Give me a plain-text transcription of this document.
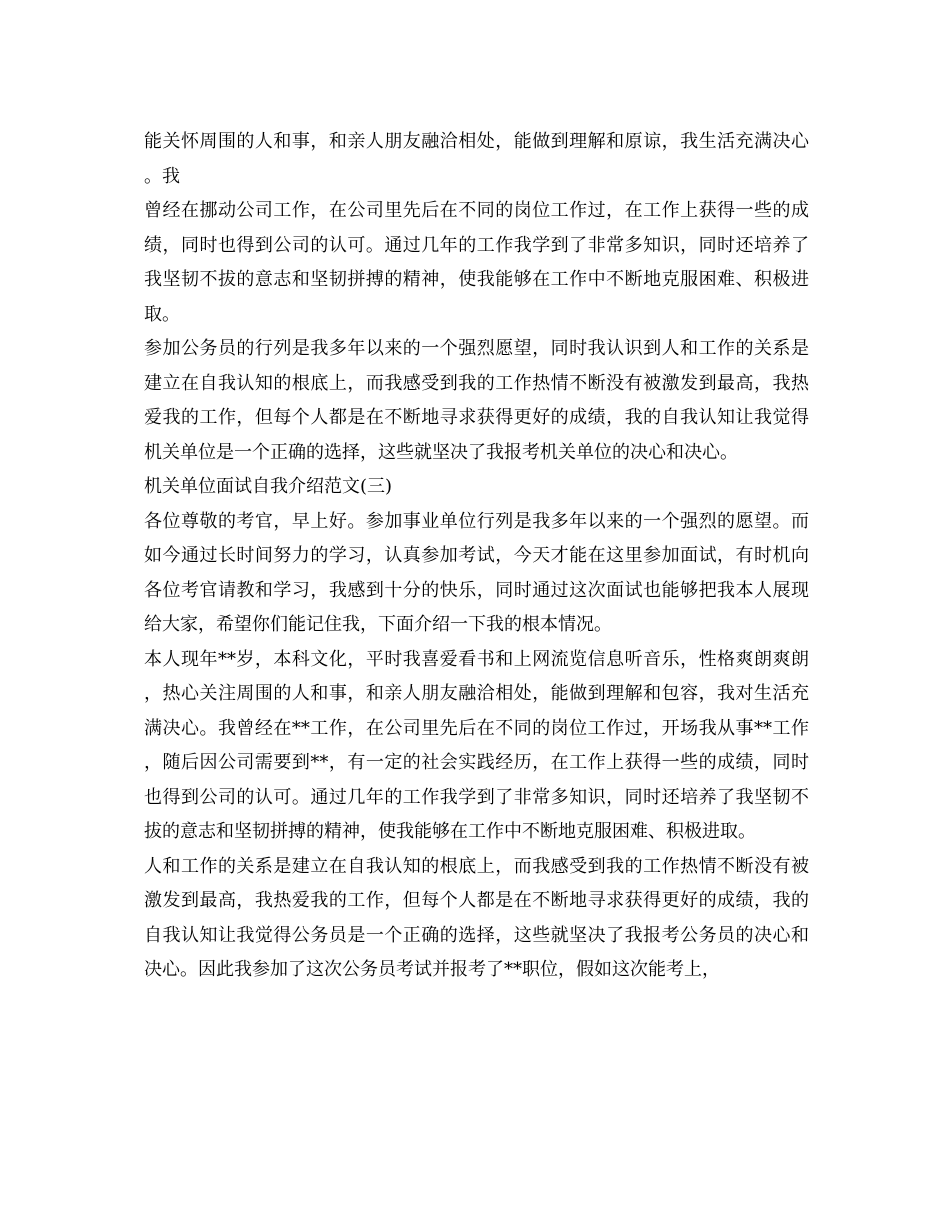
能关怀周围的人和事，和亲人朋友融洽相处，能做到理解和原谅，我生活充满决心。我

曾经在挪动公司工作，在公司里先后在不同的岗位工作过，在工作上获得一些的成绩，同时也得到公司的认可。通过几年的工作我学到了非常多知识，同时还培养了我坚韧不拔的意志和坚韧拼搏的精神，使我能够在工作中不断地克服困难、积极进取。

参加公务员的行列是我多年以来的一个强烈愿望，同时我认识到人和工作的关系是建立在自我认知的根底上，而我感受到我的工作热情不断没有被激发到最高，我热爱我的工作，但每个人都是在不断地寻求获得更好的成绩，我的自我认知让我觉得机关单位是一个正确的选择，这些就坚决了我报考机关单位的决心和决心。

机关单位面试自我介绍范文(三)

各位尊敬的考官，早上好。参加事业单位行列是我多年以来的一个强烈的愿望。而如今通过长时间努力的学习，认真参加考试，今天才能在这里参加面试，有时机向各位考官请教和学习，我感到十分的快乐，同时通过这次面试也能够把我本人展现给大家，希望你们能记住我，下面介绍一下我的根本情况。

本人现年**岁，本科文化，平时我喜爱看书和上网流览信息听音乐，性格爽朗爽朗，热心关注周围的人和事，和亲人朋友融洽相处，能做到理解和包容，我对生活充满决心。我曾经在**工作，在公司里先后在不同的岗位工作过，开场我从事**工作，随后因公司需要到**，有一定的社会实践经历，在工作上获得一些的成绩，同时也得到公司的认可。通过几年的工作我学到了非常多知识，同时还培养了我坚韧不拔的意志和坚韧拼搏的精神，使我能够在工作中不断地克服困难、积极进取。

人和工作的关系是建立在自我认知的根底上，而我感受到我的工作热情不断没有被激发到最高，我热爱我的工作，但每个人都是在不断地寻求获得更好的成绩，我的自我认知让我觉得公务员是一个正确的选择，这些就坚决了我报考公务员的决心和决心。因此我参加了这次公务员考试并报考了**职位，假如这次能考上，
